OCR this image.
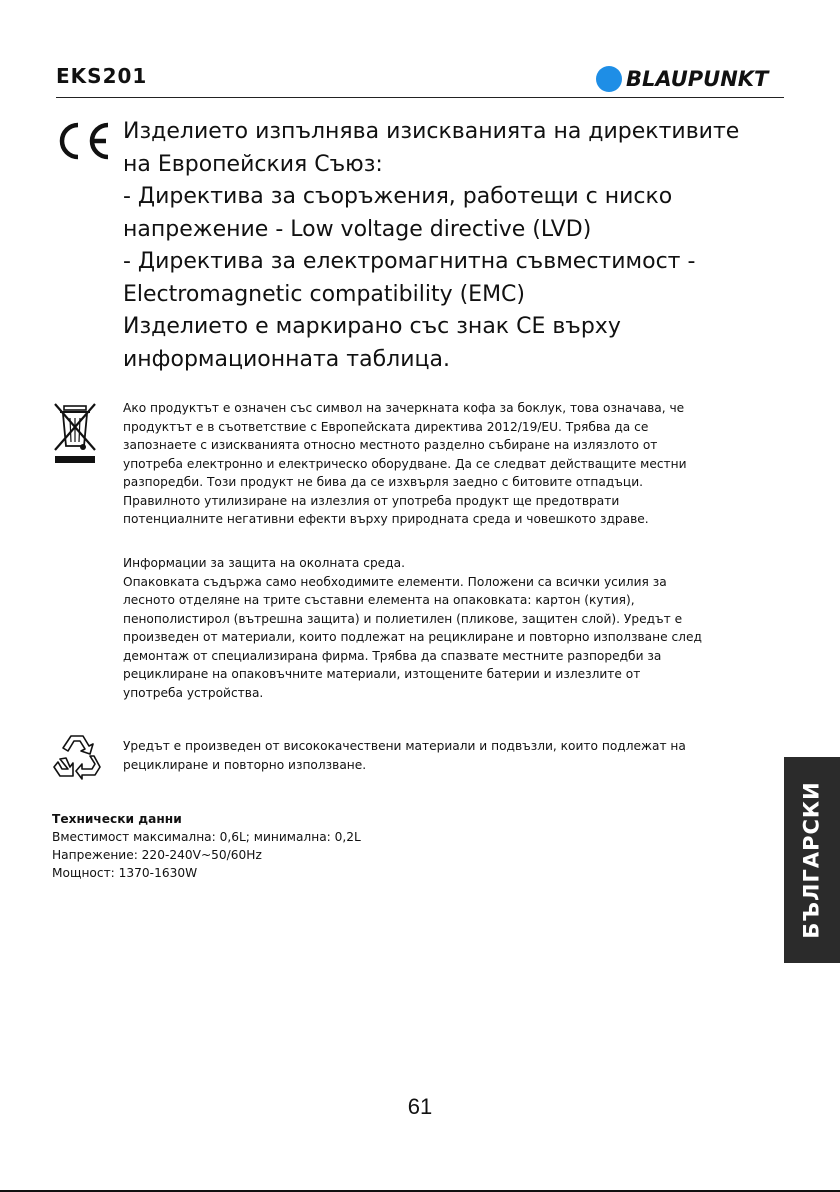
EKS201	BLAUPUNKT

Изделието изпълнява изискванията на директивите

на Европейския Съюз:

- Директива за съоръжения, работещи с ниско

напрежение - Low voltage directive (LVD)

- Директива за електромагнитна съвместимост -

Electromagnetic compatibility (EMC)

Изделието е маркирано със знак CE върху

информационната таблица.

Ако продуктът е означен със символ на зачеркната кофа за боклук, това означава, че

продуктът е в съответствие с Европейската директива 2012/19/EU. Трябва да се

запознаете с изискванията относно местното разделно събиране на излязлото от

употреба електронно и електрическо оборудване. Да се следват действащите местни

разпоредби. Този продукт не бива да се изхвърля заедно с битовите отпадъци.

Правилното утилизиране на излезлия от употреба продукт ще предотврати

потенциалните негативни ефекти върху природната среда и човешкото здраве.

Информации за защита на околната среда.

Опаковката съдържа само необходимите елементи. Положени са всички усилия за

лесното отделяне на трите съставни елемента на опаковката: картон (кутия),

пенополистирол (вътрешна защита) и полиетилен (пликове, защитен слой). Уредът е

произведен от материали, които подлежат на рециклиране и повторно използване след

демонтаж от специализирана фирма. Трябва да спазвате местните разпоредби за

рециклиране на опаковъчните материали, изтощените батерии и излезлите от

употреба устройства.

Уредът е произведен от висококачествени материали и подвъзли, които подлежат на

рециклиране и повторно използване.

Технически данни

Вместимост максимална: 0,6L; минимална: 0,2L

Напрежение: 220-240V~50/60Hz

Мощност: 1370-1630W	БЪЛГАРСКИ
61
